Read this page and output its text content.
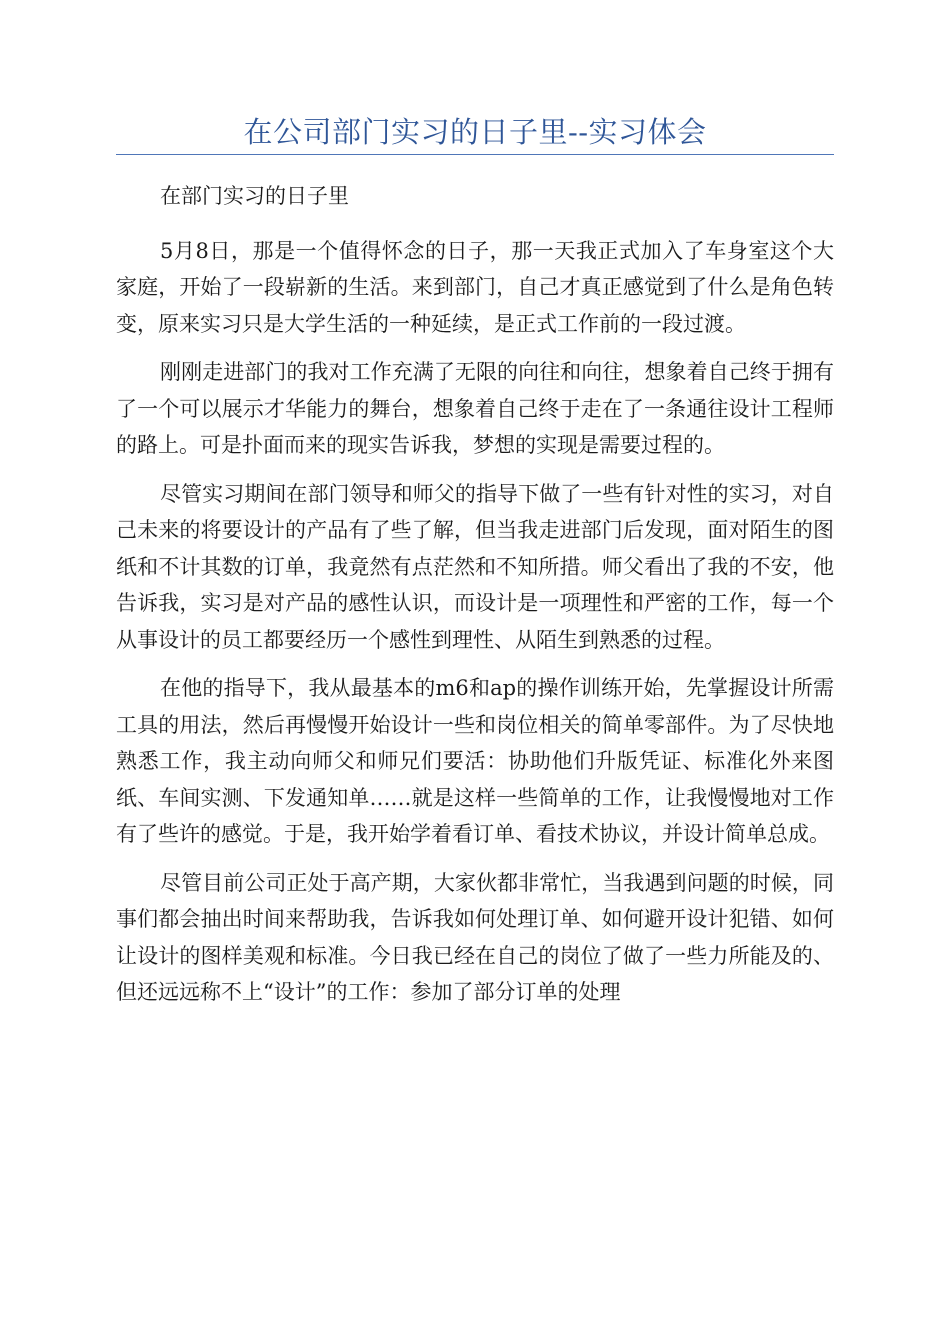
在公司部门实习的日子里--实习体会

在部门实习的日子里

5月8日，那是一个值得怀念的日子，那一天我正式加入了车身室这个大家庭，开始了一段崭新的生活。来到部门，自己才真正感觉到了什么是角色转变，原来实习只是大学生活的一种延续，是正式工作前的一段过渡。

刚刚走进部门的我对工作充满了无限的向往和向往，想象着自己终于拥有了一个可以展示才华能力的舞台，想象着自己终于走在了一条通往设计工程师的路上。可是扑面而来的现实告诉我，梦想的实现是需要过程的。

尽管实习期间在部门领导和师父的指导下做了一些有针对性的实习，对自己未来的将要设计的产品有了些了解，但当我走进部门后发现，面对陌生的图纸和不计其数的订单，我竟然有点茫然和不知所措。师父看出了我的不安，他告诉我，实习是对产品的感性认识，而设计是一项理性和严密的工作，每一个从事设计的员工都要经历一个感性到理性、从陌生到熟悉的过程。

在他的指导下，我从最基本的m6和ap的操作训练开始，先掌握设计所需工具的用法，然后再慢慢开始设计一些和岗位相关的简单零部件。为了尽快地熟悉工作，我主动向师父和师兄们要活：协助他们升版凭证、标准化外来图纸、车间实测、下发通知单……就是这样一些简单的工作，让我慢慢地对工作有了些许的感觉。于是，我开始学着看订单、看技术协议，并设计简单总成。

尽管目前公司正处于高产期，大家伙都非常忙，当我遇到问题的时候，同事们都会抽出时间来帮助我，告诉我如何处理订单、如何避开设计犯错、如何让设计的图样美观和标准。今日我已经在自己的岗位了做了一些力所能及的、但还远远称不上“设计”的工作：参加了部分订单的处理
